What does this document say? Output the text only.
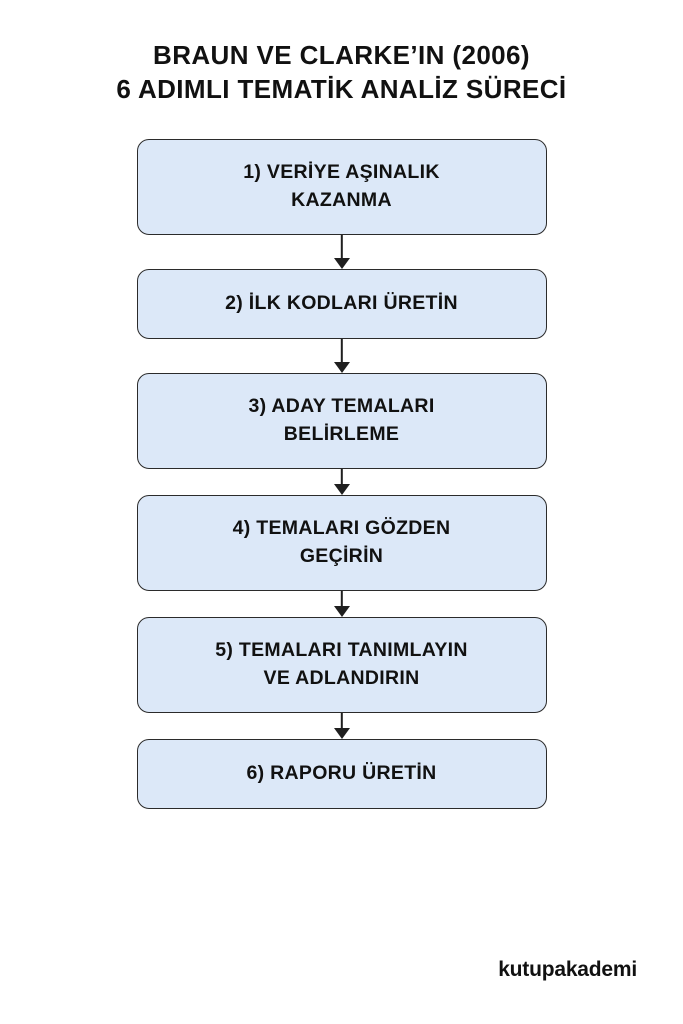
BRAUN VE CLARKE’IN (2006)
6 ADIMLI TEMATİK ANALİZ SÜRECİ
1) VERİYE AŞINALIK
KAZANMA
2) İLK KODLARI ÜRETİN
3) ADAY TEMALARI
BELİRLEME
4) TEMALARI GÖZDEN
GEÇİRİN
5) TEMALARI TANIMLAYIN
VE ADLANDIRIN
6) RAPORU ÜRETİN
kutupakademi
